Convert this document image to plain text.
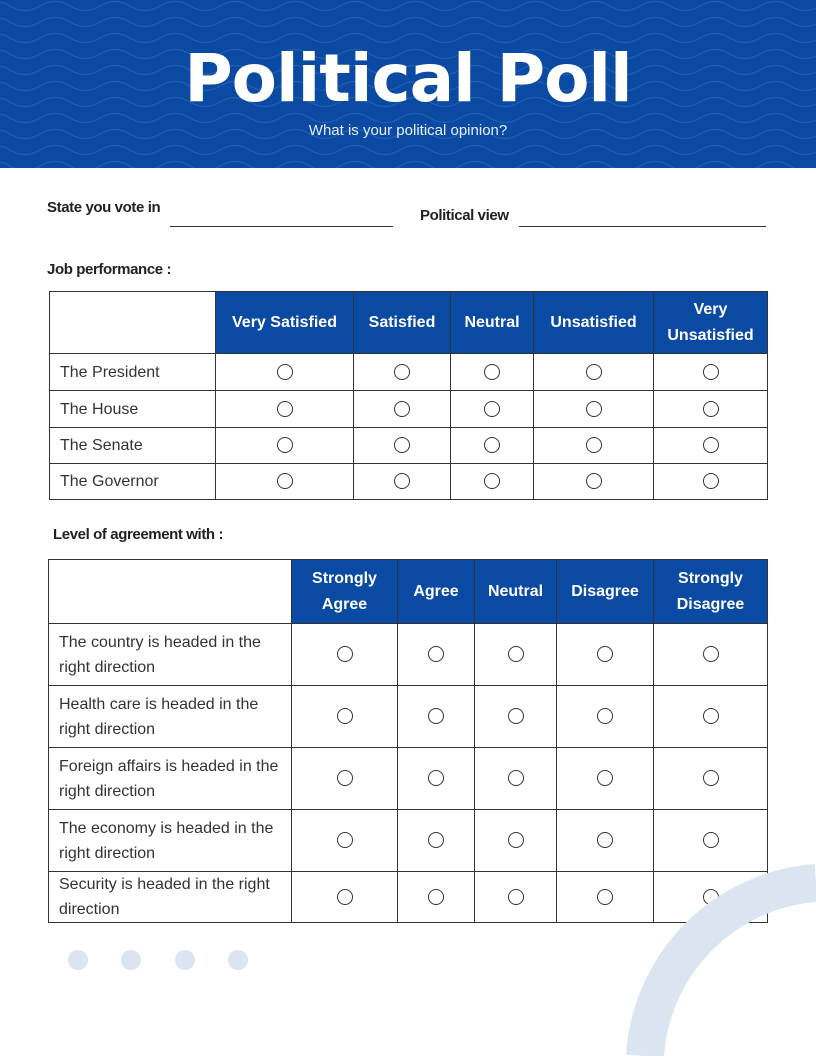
Political Poll
What is your political opinion?
State you vote in	Political view
Job performance :
	Very Satisfied	Satisfied	Neutral	Unsatisfied	Very Unsatisfied
The President					
The House					
The Senate					
The Governor					
Level of agreement with :
	Strongly Agree	Agree	Neutral	Disagree	Strongly Disagree
The country is headed in the right direction					
Health care is headed in the right direction					
Foreign affairs is headed in the right direction					
The economy is headed in the right direction					
Security is headed in the right direction					
